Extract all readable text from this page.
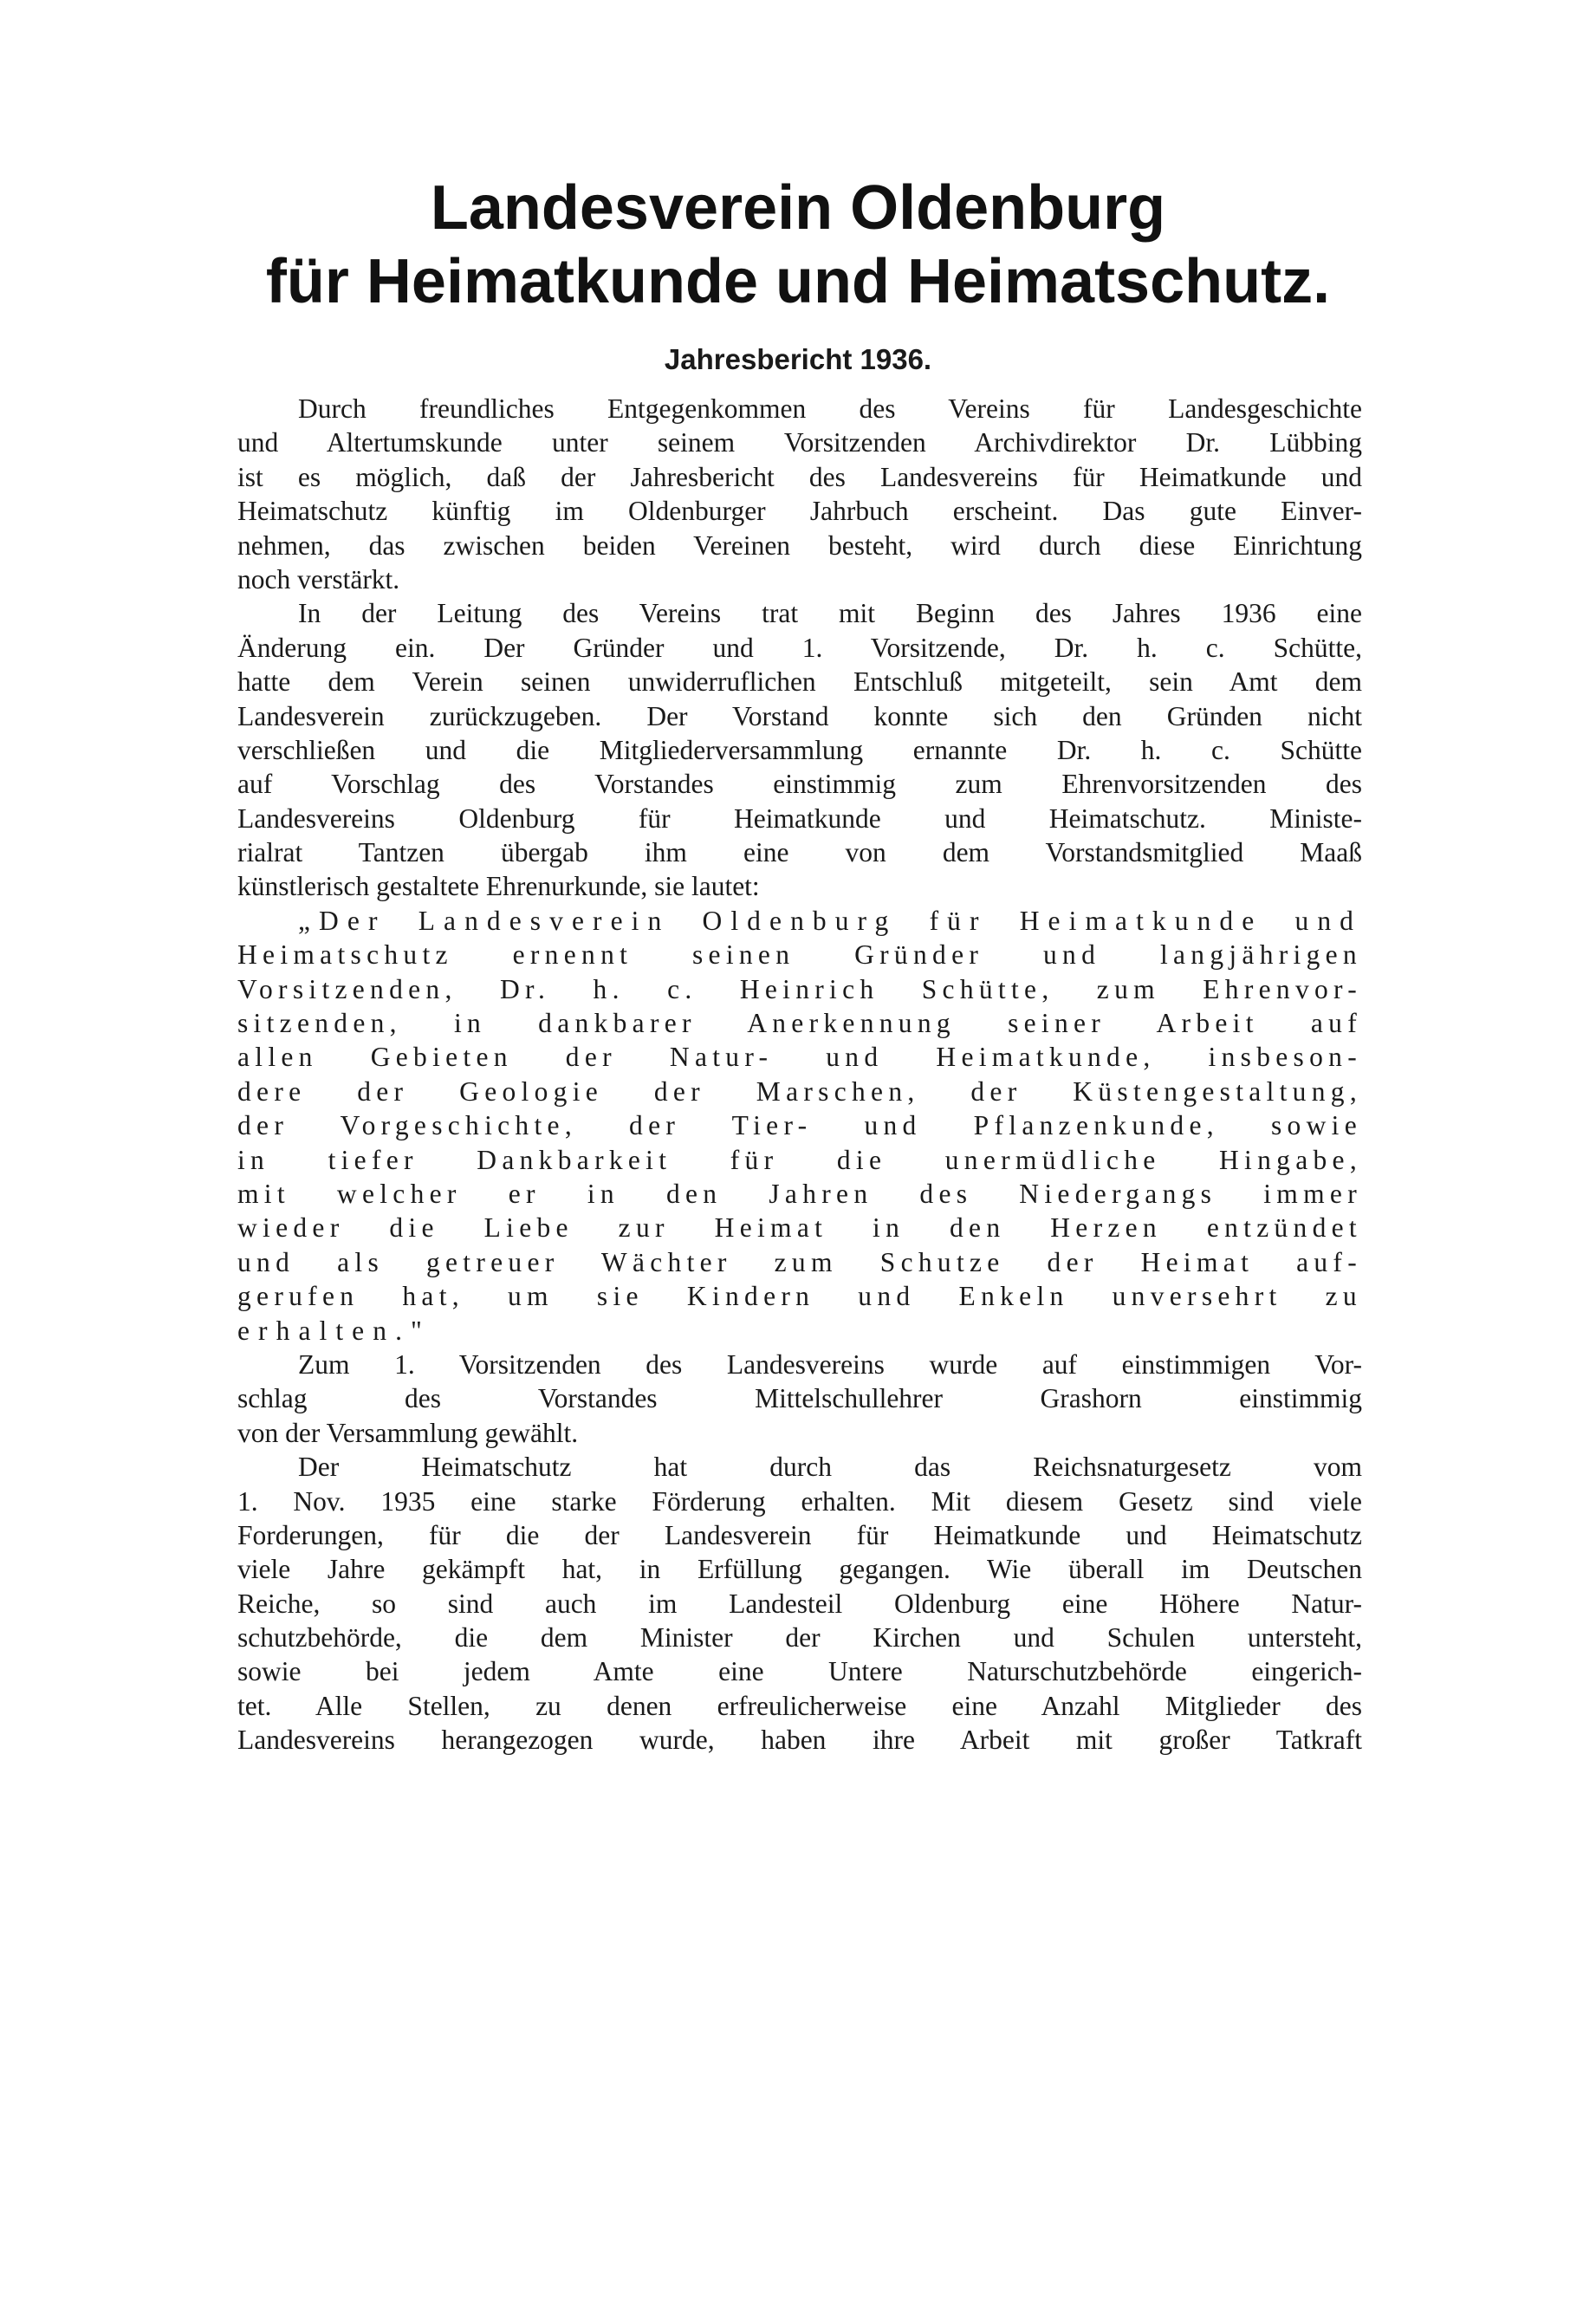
Landesverein Oldenburg
für Heimatkunde und Heimatschutz.
Jahresbericht 1936.
Durch freundliches Entgegenkommen des Vereins für Landesgeschichte
und Altertumskunde unter seinem Vorsitzenden Archivdirektor Dr. Lübbing
ist es möglich, daß der Jahresbericht des Landesvereins für Heimatkunde und
Heimatschutz künftig im Oldenburger Jahrbuch erscheint. Das gute Einver-
nehmen, das zwischen beiden Vereinen besteht, wird durch diese Einrichtung
noch verstärkt.
In der Leitung des Vereins trat mit Beginn des Jahres 1936 eine
Änderung ein. Der Gründer und 1. Vorsitzende, Dr. h. c. Schütte,
hatte dem Verein seinen unwiderruflichen Entschluß mitgeteilt, sein Amt dem
Landesverein zurückzugeben. Der Vorstand konnte sich den Gründen nicht
verschließen und die Mitgliederversammlung ernannte Dr. h. c. Schütte
auf Vorschlag des Vorstandes einstimmig zum Ehrenvorsitzenden des
Landesvereins Oldenburg für Heimatkunde und Heimatschutz. Ministe-
rialrat Tantzen übergab ihm eine von dem Vorstandsmitglied Maaß
künstlerisch gestaltete Ehrenurkunde, sie lautet:
„Der Landesverein Oldenburg für Heimatkunde und
Heimatschutz ernennt seinen Gründer und langjährigen
Vorsitzenden, Dr. h. c. Heinrich Schütte, zum Ehrenvor-
sitzenden, in dankbarer Anerkennung seiner Arbeit auf
allen Gebieten der Natur- und Heimatkunde, insbeson-
dere der Geologie der Marschen, der Küstengestaltung,
der Vorgeschichte, der Tier- und Pflanzenkunde, sowie
in tiefer Dankbarkeit für die unermüdliche Hingabe,
mit welcher er in den Jahren des Niedergangs immer
wieder die Liebe zur Heimat in den Herzen entzündet
und als getreuer Wächter zum Schutze der Heimat auf-
gerufen hat, um sie Kindern und Enkeln unversehrt zu
erhalten."
Zum 1. Vorsitzenden des Landesvereins wurde auf einstimmigen Vor-
schlag des Vorstandes Mittelschullehrer Grashorn einstimmig
von der Versammlung gewählt.
Der Heimatschutz hat durch das Reichsnaturgesetz vom
1. Nov. 1935 eine starke Förderung erhalten. Mit diesem Gesetz sind viele
Forderungen, für die der Landesverein für Heimatkunde und Heimatschutz
viele Jahre gekämpft hat, in Erfüllung gegangen. Wie überall im Deutschen
Reiche, so sind auch im Landesteil Oldenburg eine Höhere Natur-
schutzbehörde, die dem Minister der Kirchen und Schulen untersteht,
sowie bei jedem Amte eine Untere Naturschutzbehörde eingerich-
tet. Alle Stellen, zu denen erfreulicherweise eine Anzahl Mitglieder des
Landesvereins herangezogen wurde, haben ihre Arbeit mit großer Tatkraft
